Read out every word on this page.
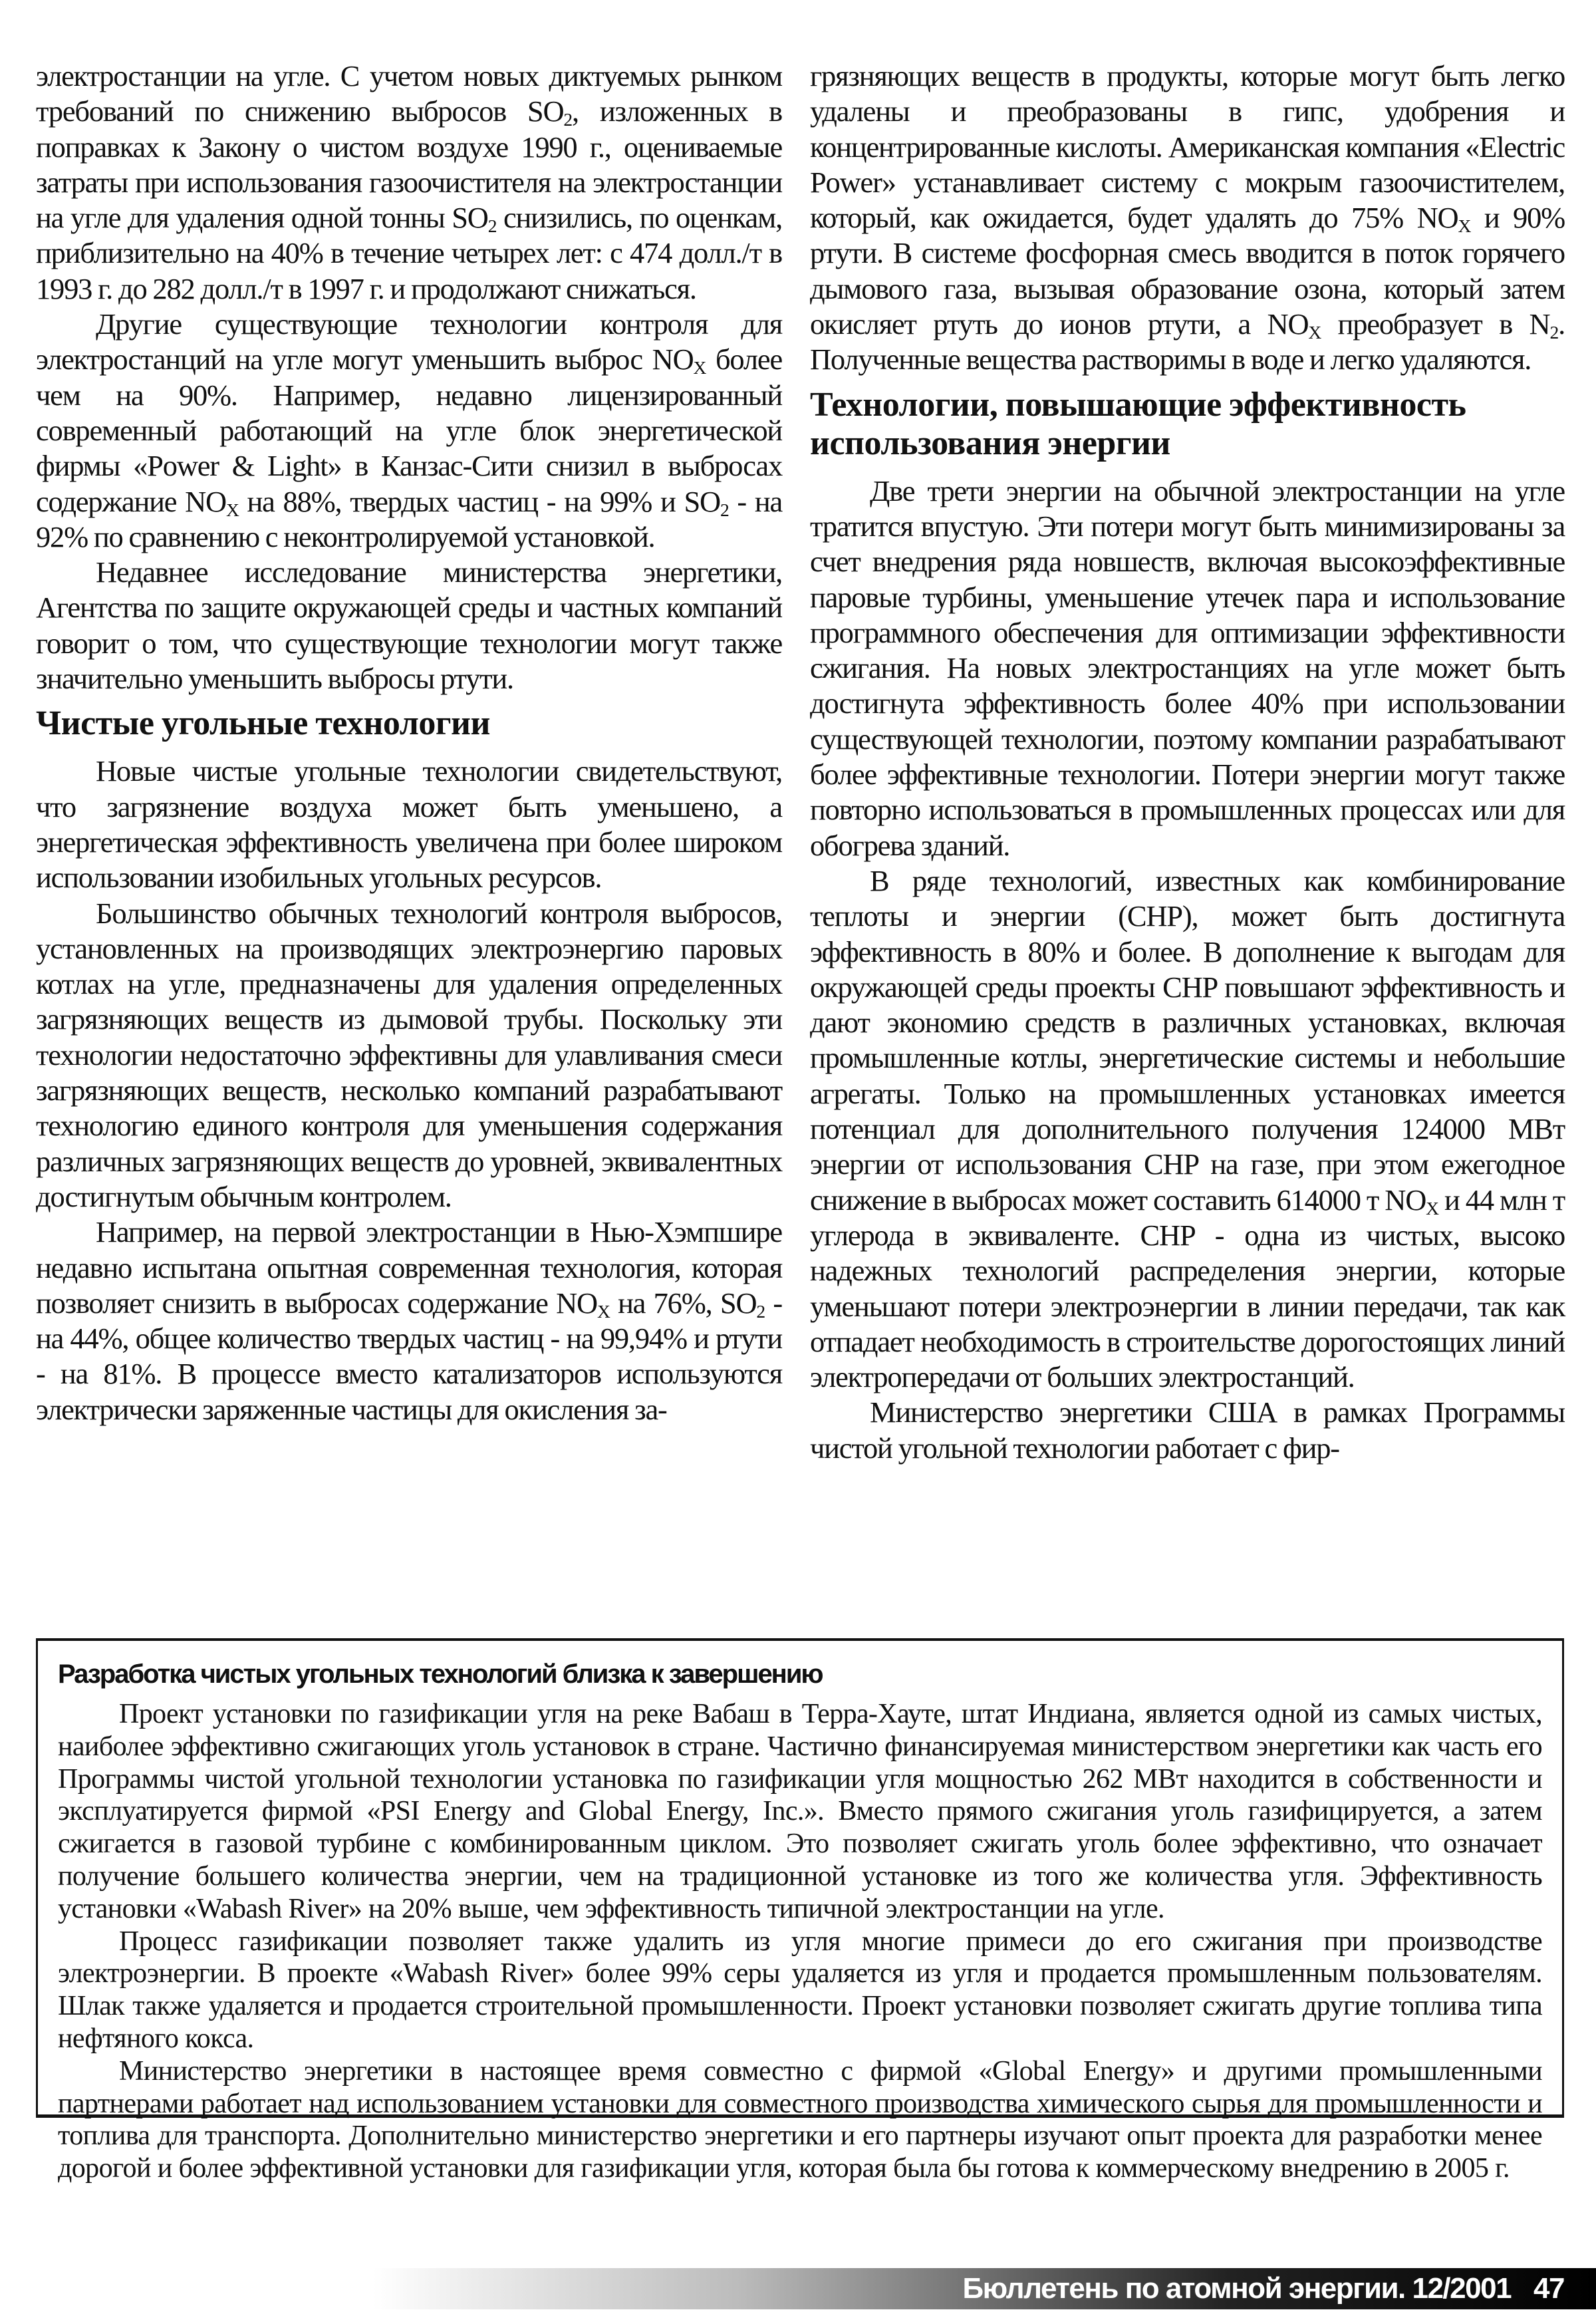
электростанции на угле. С учетом новых диктуемых рынком требований по снижению выбросов $SO_2$, изложенных в поправках к Закону о чистом воздухе 1990 г., оцениваемые затраты при использования газоочистителя на электростанции на угле для удаления одной тонны $SO_2$ снизились, по оценкам, приблизительно на 40% в течение четырех лет: с 474 долл./т в 1993 г. до 282 долл./т в 1997 г. и продолжают снижаться.

Другие существующие технологии контроля для электростанций на угле могут уменьшить выброс $NO_X$ более чем на 90%. Например, недавно лицензированный современный работающий на угле блок энергетической фирмы «Power & Light» в Канзас-Сити снизил в выбросах содержание $NO_X$ на 88%, твердых частиц - на 99% и $SO_2$ - на 92% по сравнению с неконтролируемой установкой.

Недавнее исследование министерства энергетики, Агентства по защите окружающей среды и частных компаний говорит о том, что существующие технологии могут также значительно уменьшить выбросы ртути.

Чистые угольные технологии

Новые чистые угольные технологии свидетельствуют, что загрязнение воздуха может быть уменьшено, а энергетическая эффективность увеличена при более широком использовании изобильных угольных ресурсов.

Большинство обычных технологий контроля выбросов, установленных на производящих электроэнергию паровых котлах на угле, предназначены для удаления определенных загрязняющих веществ из дымовой трубы. Поскольку эти технологии недостаточно эффективны для улавливания смеси загрязняющих веществ, несколько компаний разрабатывают технологию единого контроля для уменьшения содержания различных загрязняющих веществ до уровней, эквивалентных достигнутым обычным контролем.

Например, на первой электростанции в Нью-Хэмпшире недавно испытана опытная современная технология, которая позволяет снизить в выбросах содержание $NO_X$ на 76%, $SO_2$ - на 44%, общее количество твердых частиц - на 99,94% и ртути - на 81%. В процессе вместо катализаторов используются электрически заряженные частицы для окисления за-

грязняющих веществ в продукты, которые могут быть легко удалены и преобразованы в гипс, удобрения и концентрированные кислоты. Американская компания «Electric Power» устанавливает систему с мокрым газоочистителем, который, как ожидается, будет удалять до 75% $NO_X$ и 90% ртути. В системе фосфорная смесь вводится в поток горячего дымового газа, вызывая образование озона, который затем окисляет ртуть до ионов ртути, а $NO_X$ преобразует в $N_2$. Полученные вещества растворимы в воде и легко удаляются.

Технологии, повышающие эффективность использования энергии

Две трети энергии на обычной электростанции на угле тратится впустую. Эти потери могут быть минимизированы за счет внедрения ряда новшеств, включая высокоэффективные паровые турбины, уменьшение утечек пара и использование программного обеспечения для оптимизации эффективности сжигания. На новых электростанциях на угле может быть достигнута эффективность более 40% при использовании существующей технологии, поэтому компании разрабатывают более эффективные технологии. Потери энергии могут также повторно использоваться в промышленных процессах или для обогрева зданий.

В ряде технологий, известных как комбинирование теплоты и энергии (CHP), может быть достигнута эффективность в 80% и более. В дополнение к выгодам для окружающей среды проекты CHP повышают эффективность и дают экономию средств в различных установках, включая промышленные котлы, энергетические системы и небольшие агрегаты. Только на промышленных установках имеется потенциал для дополнительного получения 124000 МВт энергии от использования CHP на газе, при этом ежегодное снижение в выбросах может составить 614000 т $NO_X$ и 44 млн т углерода в эквиваленте. CHP - одна из чистых, высоко надежных технологий распределения энергии, которые уменьшают потери электроэнергии в линии передачи, так как отпадает необходимость в строительстве дорогостоящих линий электропередачи от больших электростанций.

Министерство энергетики США в рамках Программы чистой угольной технологии работает с фир-

Разработка чистых угольных технологий близка к завершению

Проект установки по газификации угля на реке Вабаш в Терра-Хауте, штат Индиана, является одной из самых чистых, наиболее эффективно сжигающих уголь установок в стране. Частично финансируемая министерством энергетики как часть его Программы чистой угольной технологии установка по газификации угля мощностью 262 МВт находится в собственности и эксплуатируется фирмой «PSI Energy and Global Energy, Inc.». Вместо прямого сжигания уголь газифицируется, а затем сжигается в газовой турбине с комбинированным циклом. Это позволяет сжигать уголь более эффективно, что означает получение большего количества энергии, чем на традиционной установке из того же количества угля. Эффективность установки «Wabash River» на 20% выше, чем эффективность типичной электростанции на угле.

Процесс газификации позволяет также удалить из угля многие примеси до его сжигания при производстве электроэнергии. В проекте «Wabash River» более 99% серы удаляется из угля и продается промышленным пользователям. Шлак также удаляется и продается строительной промышленности. Проект установки позволяет сжигать другие топлива типа нефтяного кокса.

Министерство энергетики в настоящее время совместно с фирмой «Global Energy» и другими промышленными партнерами работает над использованием установки для совместного производства химического сырья для промышленности и топлива для транспорта. Дополнительно министерство энергетики и его партнеры изучают опыт проекта для разработки менее дорогой и более эффективной установки для газификации угля, которая была бы готова к коммерческому внедрению в 2005 г.

Бюллетень по атомной энергии. 12/2001 47
